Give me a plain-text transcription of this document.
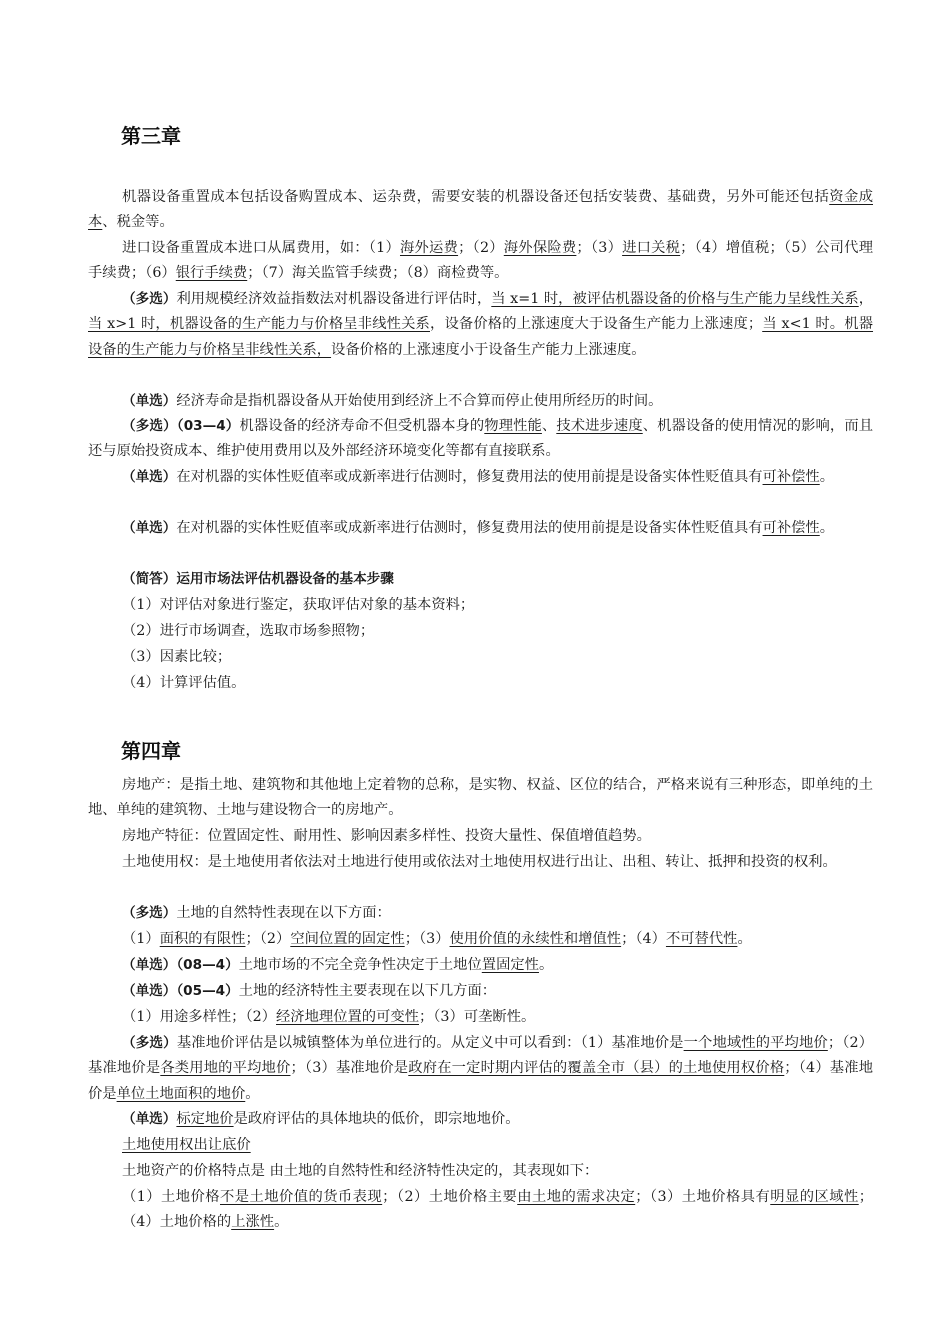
第三章

机器设备重置成本包括设备购置成本、运杂费，需要安装的机器设备还包括安装费、基础费，另外可能还包括资金成本、税金等。

进口设备重置成本进口从属费用，如：（1）海外运费；（2）海外保险费；（3）进口关税；（4）增值税；（5）公司代理手续费；（6）银行手续费；（7）海关监管手续费；（8）商检费等。

（多选）利用规模经济效益指数法对机器设备进行评估时，当 x=1 时，被评估机器设备的价格与生产能力呈线性关系，当 x>1 时，机器设备的生产能力与价格呈非线性关系，设备价格的上涨速度大于设备生产能力上涨速度；当 x<1 时。机器设备的生产能力与价格呈非线性关系，设备价格的上涨速度小于设备生产能力上涨速度。

（单选）经济寿命是指机器设备从开始使用到经济上不合算而停止使用所经历的时间。

（多选）（03—4）机器设备的经济寿命不但受机器本身的物理性能、技术进步速度、机器设备的使用情况的影响，而且还与原始投资成本、维护使用费用以及外部经济环境变化等都有直接联系。

（单选）在对机器的实体性贬值率或成新率进行估测时，修复费用法的使用前提是设备实体性贬值具有可补偿性。

（单选）在对机器的实体性贬值率或成新率进行估测时，修复费用法的使用前提是设备实体性贬值具有可补偿性。

（简答）运用市场法评估机器设备的基本步骤

（1）对评估对象进行鉴定，获取评估对象的基本资料；

（2）进行市场调查，选取市场参照物；

（3）因素比较；

（4）计算评估值。

第四章

房地产：是指土地、建筑物和其他地上定着物的总称，是实物、权益、区位的结合，严格来说有三种形态，即单纯的土地、单纯的建筑物、土地与建设物合一的房地产。

房地产特征：位置固定性、耐用性、影响因素多样性、投资大量性、保值增值趋势。

土地使用权：是土地使用者依法对土地进行使用或依法对土地使用权进行出让、出租、转让、抵押和投资的权利。

（多选）土地的自然特性表现在以下方面：

（1）面积的有限性；（2）空间位置的固定性；（3）使用价值的永续性和增值性；（4）不可替代性。

（单选）（08—4）土地市场的不完全竞争性决定于土地位置固定性。

（单选）（05—4）土地的经济特性主要表现在以下几方面：

（1）用途多样性；（2）经济地理位置的可变性；（3）可垄断性。

（多选）基准地价评估是以城镇整体为单位进行的。从定义中可以看到：（1）基准地价是一个地域性的平均地价；（2）基准地价是各类用地的平均地价；（3）基准地价是政府在一定时期内评估的覆盖全市（县）的土地使用权价格；（4）基准地价是单位土地面积的地价。

（单选）标定地价是政府评估的具体地块的低价，即宗地地价。

土地使用权出让底价

土地资产的价格特点是 由土地的自然特性和经济特性决定的，其表现如下：

（1）土地价格不是土地价值的货币表现；（2）土地价格主要由土地的需求决定；（3）土地价格具有明显的区域性；（4）土地价格的上涨性。
